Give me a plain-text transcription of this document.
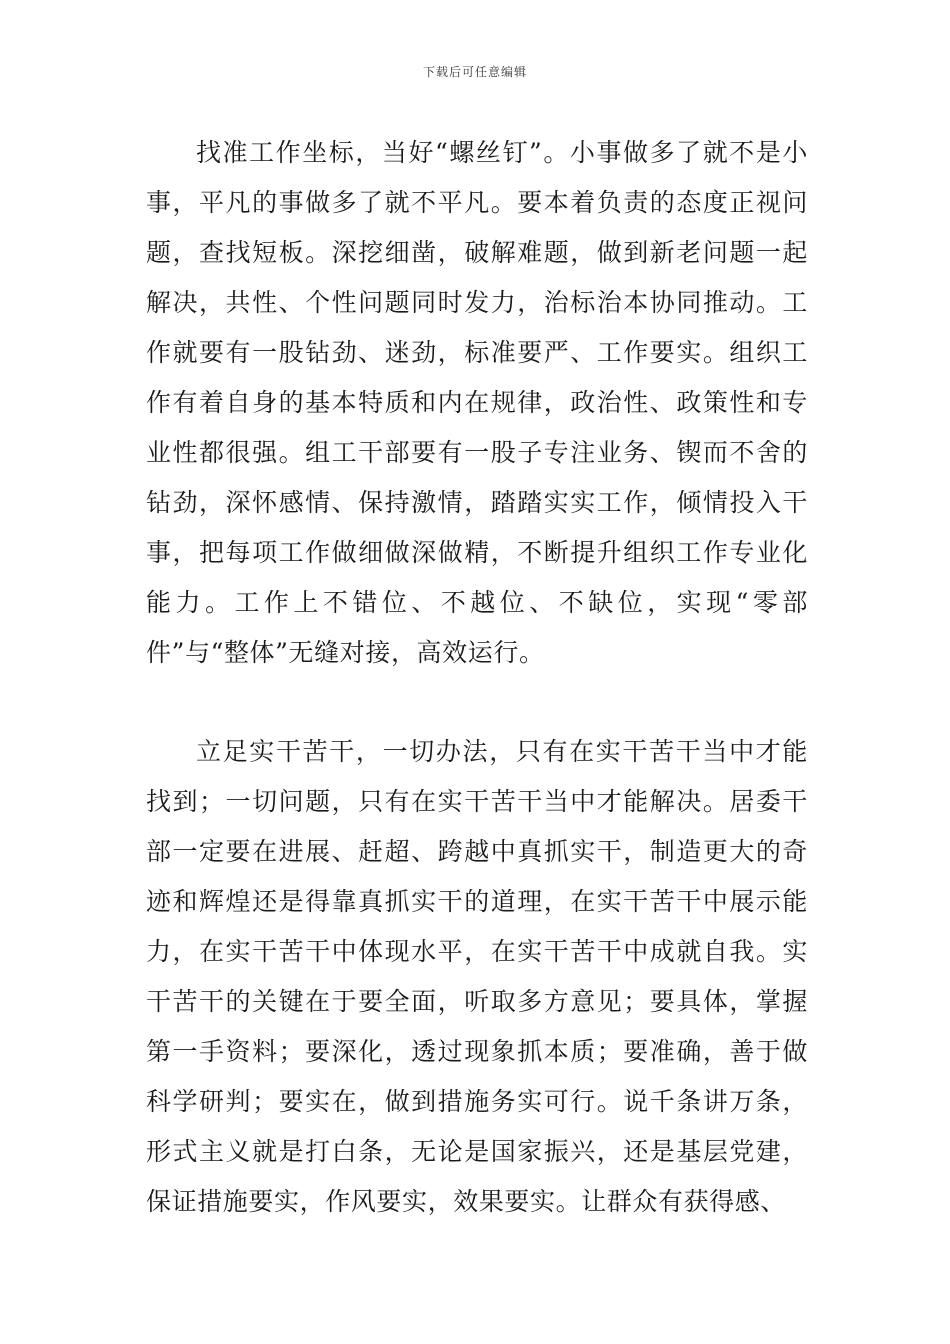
下载后可任意编辑

找准工作坐标，当好“螺丝钉”。小事做多了就不是小事，平凡的事做多了就不平凡。要本着负责的态度正视问题，查找短板。深挖细凿，破解难题，做到新老问题一起解决，共性、个性问题同时发力，治标治本协同推动。工作就要有一股钻劲、迷劲，标准要严、工作要实。组织工作有着自身的基本特质和内在规律，政治性、政策性和专业性都很强。组工干部要有一股子专注业务、锲而不舍的钻劲，深怀感情、保持激情，踏踏实实工作，倾情投入干事，把每项工作做细做深做精，不断提升组织工作专业化能力。工作上不错位、不越位、不缺位，实现“零部件”与“整体”无缝对接，高效运行。

立足实干苦干，一切办法，只有在实干苦干当中才能找到；一切问题，只有在实干苦干当中才能解决。居委干部一定要在进展、赶超、跨越中真抓实干，制造更大的奇迹和辉煌还是得靠真抓实干的道理，在实干苦干中展示能力，在实干苦干中体现水平，在实干苦干中成就自我。实干苦干的关键在于要全面，听取多方意见；要具体，掌握第一手资料；要深化，透过现象抓本质；要准确，善于做科学研判；要实在，做到措施务实可行。说千条讲万条，形式主义就是打白条，无论是国家振兴，还是基层党建，保证措施要实，作风要实，效果要实。让群众有获得感、
